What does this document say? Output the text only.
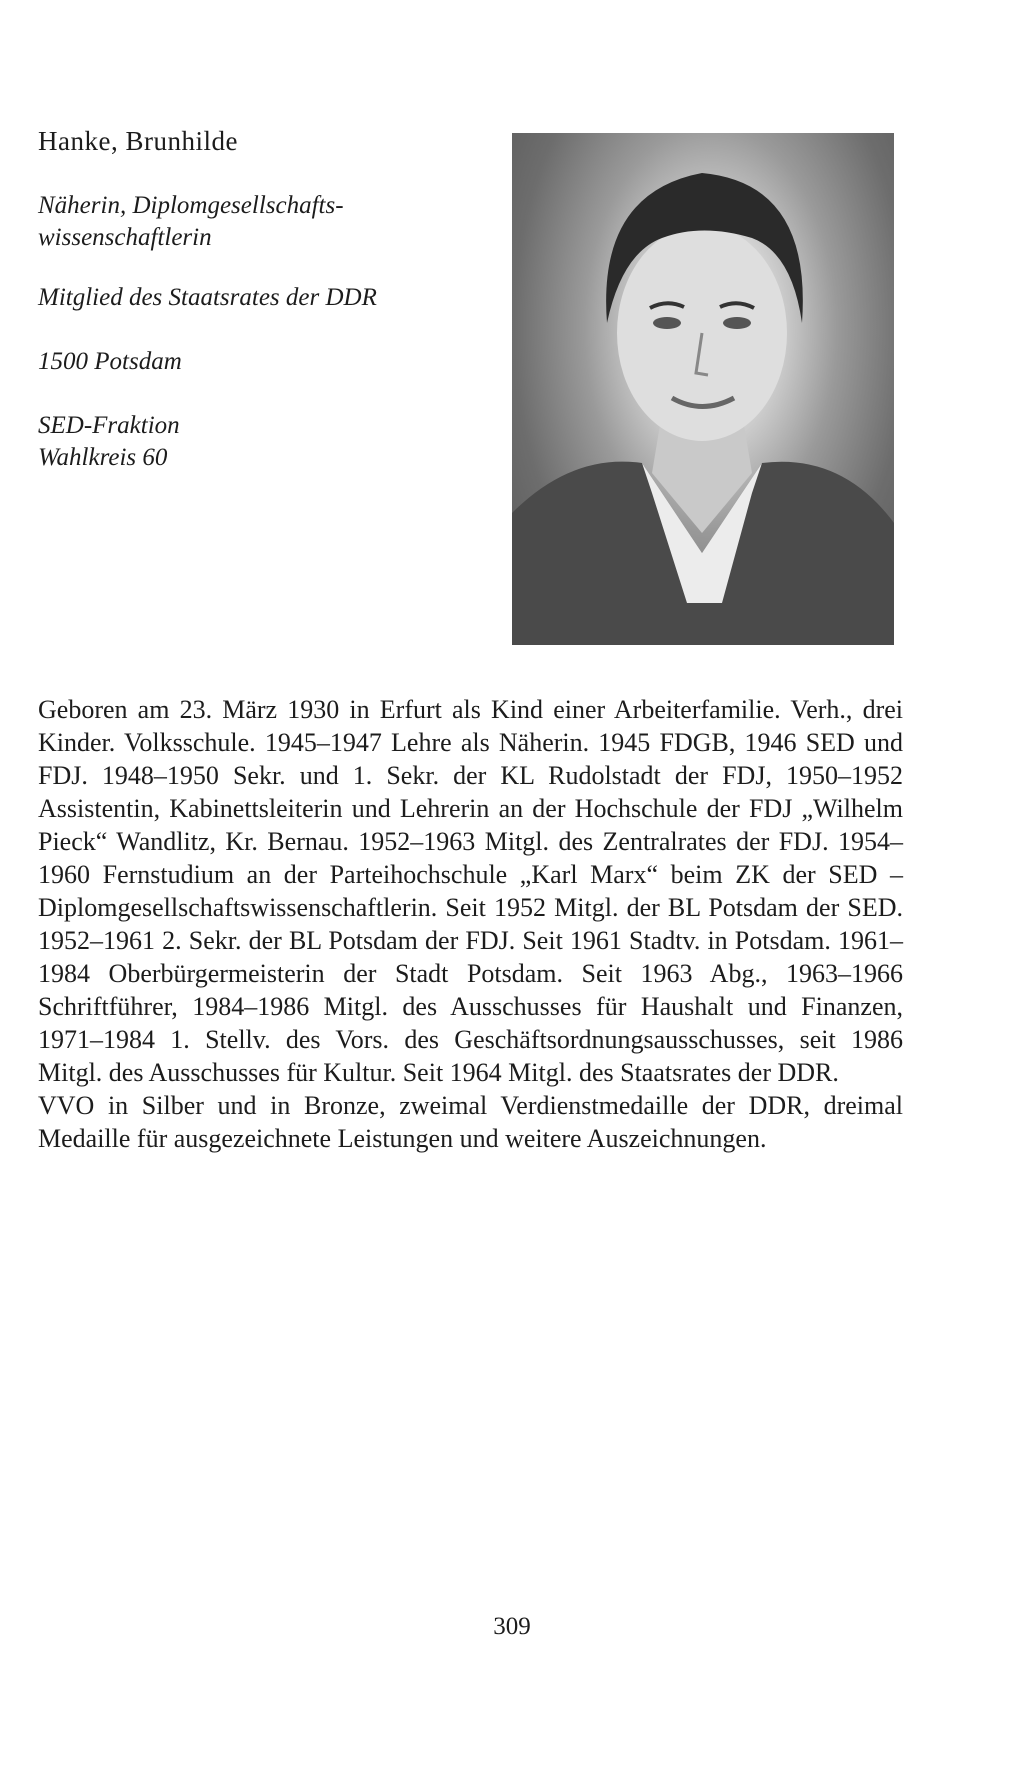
Hanke, Brunhilde
Näherin, Diplomgesellschafts-
wissenschaftlerin
Mitglied des Staatsrates der DDR
1500 Potsdam
SED-Fraktion
Wahlkreis 60

Geboren am 23. März 1930 in Erfurt als Kind einer Arbeiterfamilie. Verh., drei Kinder. Volksschule. 1945–1947 Lehre als Näherin. 1945 FDGB, 1946 SED und FDJ. 1948–1950 Sekr. und 1. Sekr. der KL Rudolstadt der FDJ, 1950–1952 Assistentin, Kabinettsleiterin und Lehrerin an der Hochschule der FDJ „Wilhelm Pieck“ Wandlitz, Kr. Bernau. 1952–1963 Mitgl. des Zentralrates der FDJ. 1954–1960 Fernstudium an der Parteihochschule „Karl Marx“ beim ZK der SED – Diplomgesellschaftswissenschaftlerin. Seit 1952 Mitgl. der BL Potsdam der SED. 1952–1961 2. Sekr. der BL Potsdam der FDJ. Seit 1961 Stadtv. in Potsdam. 1961–1984 Oberbürgermeisterin der Stadt Potsdam. Seit 1963 Abg., 1963–1966 Schriftführer, 1984–1986 Mitgl. des Ausschusses für Haushalt und Finanzen, 1971–1984 1. Stellv. des Vors. des Geschäftsordnungsausschusses, seit 1986 Mitgl. des Ausschusses für Kultur. Seit 1964 Mitgl. des Staatsrates der DDR.

VVO in Silber und in Bronze, zweimal Verdienstmedaille der DDR, dreimal Medaille für ausgezeichnete Leistungen und weitere Auszeichnungen.

309
